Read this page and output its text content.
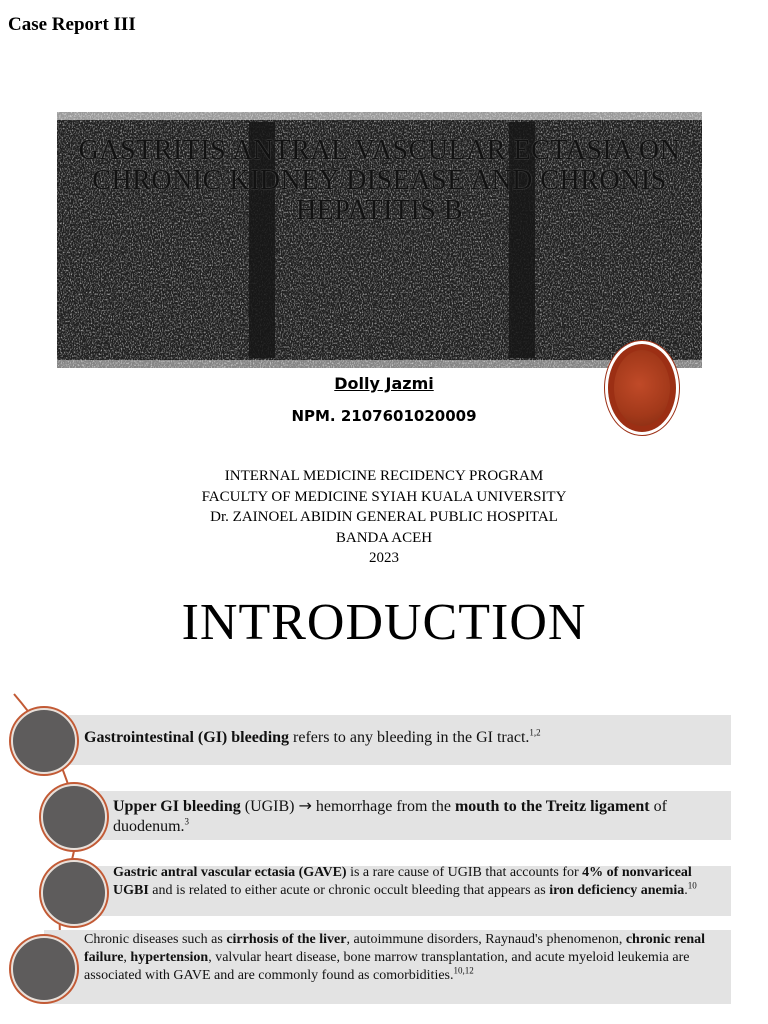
Case Report III
GASTRITIS ANTRAL VASCULAR ECTASIA ON CHRONIC KIDNEY DISEASE AND CHRONIS HEPATITIS B
Dolly Jazmi
NPM. 2107601020009
INTERNAL MEDICINE RECIDENCY PROGRAM
FACULTY OF MEDICINE SYIAH KUALA UNIVERSITY
Dr. ZAINOEL ABIDIN GENERAL PUBLIC HOSPITAL
BANDA ACEH
2023
INTRODUCTION
Gastrointestinal (GI) bleeding refers to any bleeding in the GI tract.$^{1,2}$
Upper GI bleeding (UGIB) → hemorrhage from the mouth to the Treitz ligament of duodenum.$^3$
Gastric antral vascular ectasia (GAVE) is a rare cause of UGIB that accounts for 4% of nonvariceal UGBI and is related to either acute or chronic occult bleeding that appears as iron deficiency anemia.$^{10}$
Chronic diseases such as cirrhosis of the liver, autoimmune disorders, Raynaud's phenomenon, chronic renal failure, hypertension, valvular heart disease, bone marrow transplantation, and acute myeloid leukemia are associated with GAVE and are commonly found as comorbidities.$^{10,12}$
